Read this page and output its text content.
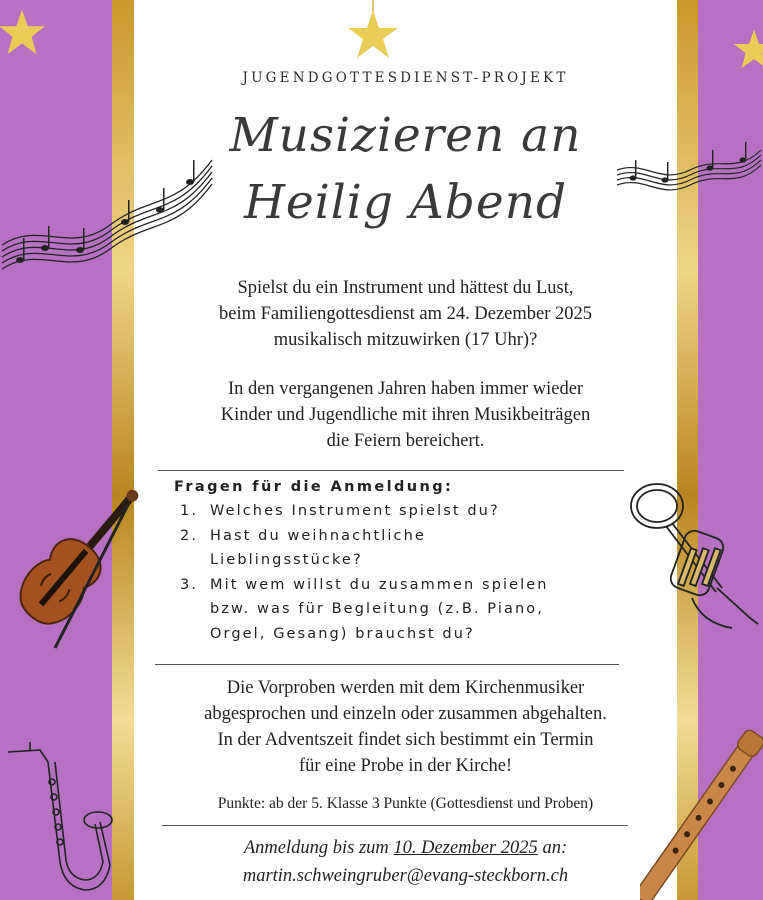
JUGENDGOTTESDIENST-PROJEKT
Musizieren an
Heilig Abend
Spielst du ein Instrument und hättest du Lust,
beim Familiengottesdienst am 24. Dezember 2025
musikalisch mitzuwirken (17 Uhr)?
In den vergangenen Jahren haben immer wieder
Kinder und Jugendliche mit ihren Musikbeiträgen
die Feiern bereichert.
Fragen für die Anmeldung:
1. Welches Instrument spielst du?
2. Hast du weihnachtliche
Lieblingsstücke?
3. Mit wem willst du zusammen spielen
bzw. was für Begleitung (z.B. Piano,
Orgel, Gesang) brauchst du?
Die Vorproben werden mit dem Kirchenmusiker
abgesprochen und einzeln oder zusammen abgehalten.
In der Adventszeit findet sich bestimmt ein Termin
für eine Probe in der Kirche!
Punkte: ab der 5. Klasse 3 Punkte (Gottesdienst und Proben)
Anmeldung bis zum 10. Dezember 2025 an:
martin.schweingruber@evang-steckborn.ch
